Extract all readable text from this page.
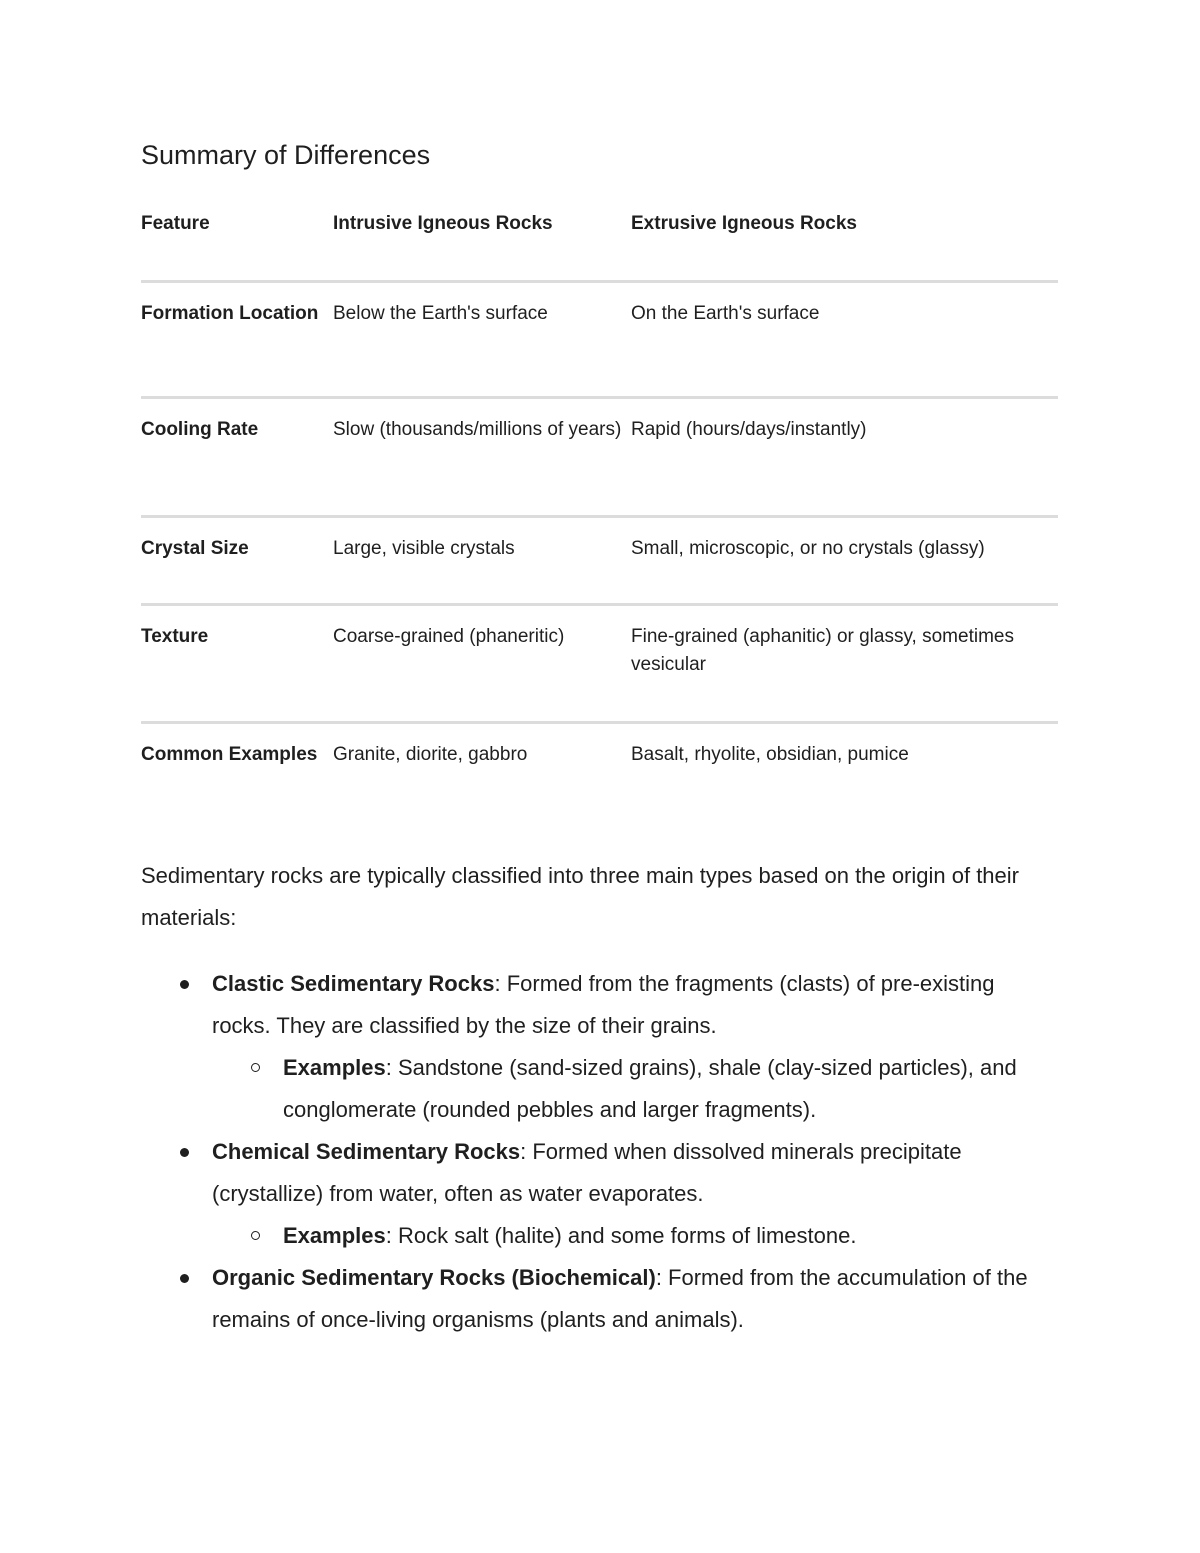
Summary of Differences
Feature	Intrusive Igneous Rocks	Extrusive Igneous Rocks
Formation Location	Below the Earth's surface	On the Earth's surface
Cooling Rate	Slow (thousands/millions of years)	Rapid (hours/days/instantly)
Crystal Size	Large, visible crystals	Small, microscopic, or no crystals (glassy)
Texture	Coarse-grained (phaneritic)	Fine-grained (aphanitic) or glassy, sometimes vesicular
Common Examples	Granite, diorite, gabbro	Basalt, rhyolite, obsidian, pumice

Sedimentary rocks are typically classified into three main types based on the origin of their materials:

Clastic Sedimentary Rocks: Formed from the fragments (clasts) of pre-existing rocks. They are classified by the size of their grains.
Examples: Sandstone (sand-sized grains), shale (clay-sized particles), and conglomerate (rounded pebbles and larger fragments).
Chemical Sedimentary Rocks: Formed when dissolved minerals precipitate (crystallize) from water, often as water evaporates.
Examples: Rock salt (halite) and some forms of limestone.
Organic Sedimentary Rocks (Biochemical): Formed from the accumulation of the remains of once-living organisms (plants and animals).
